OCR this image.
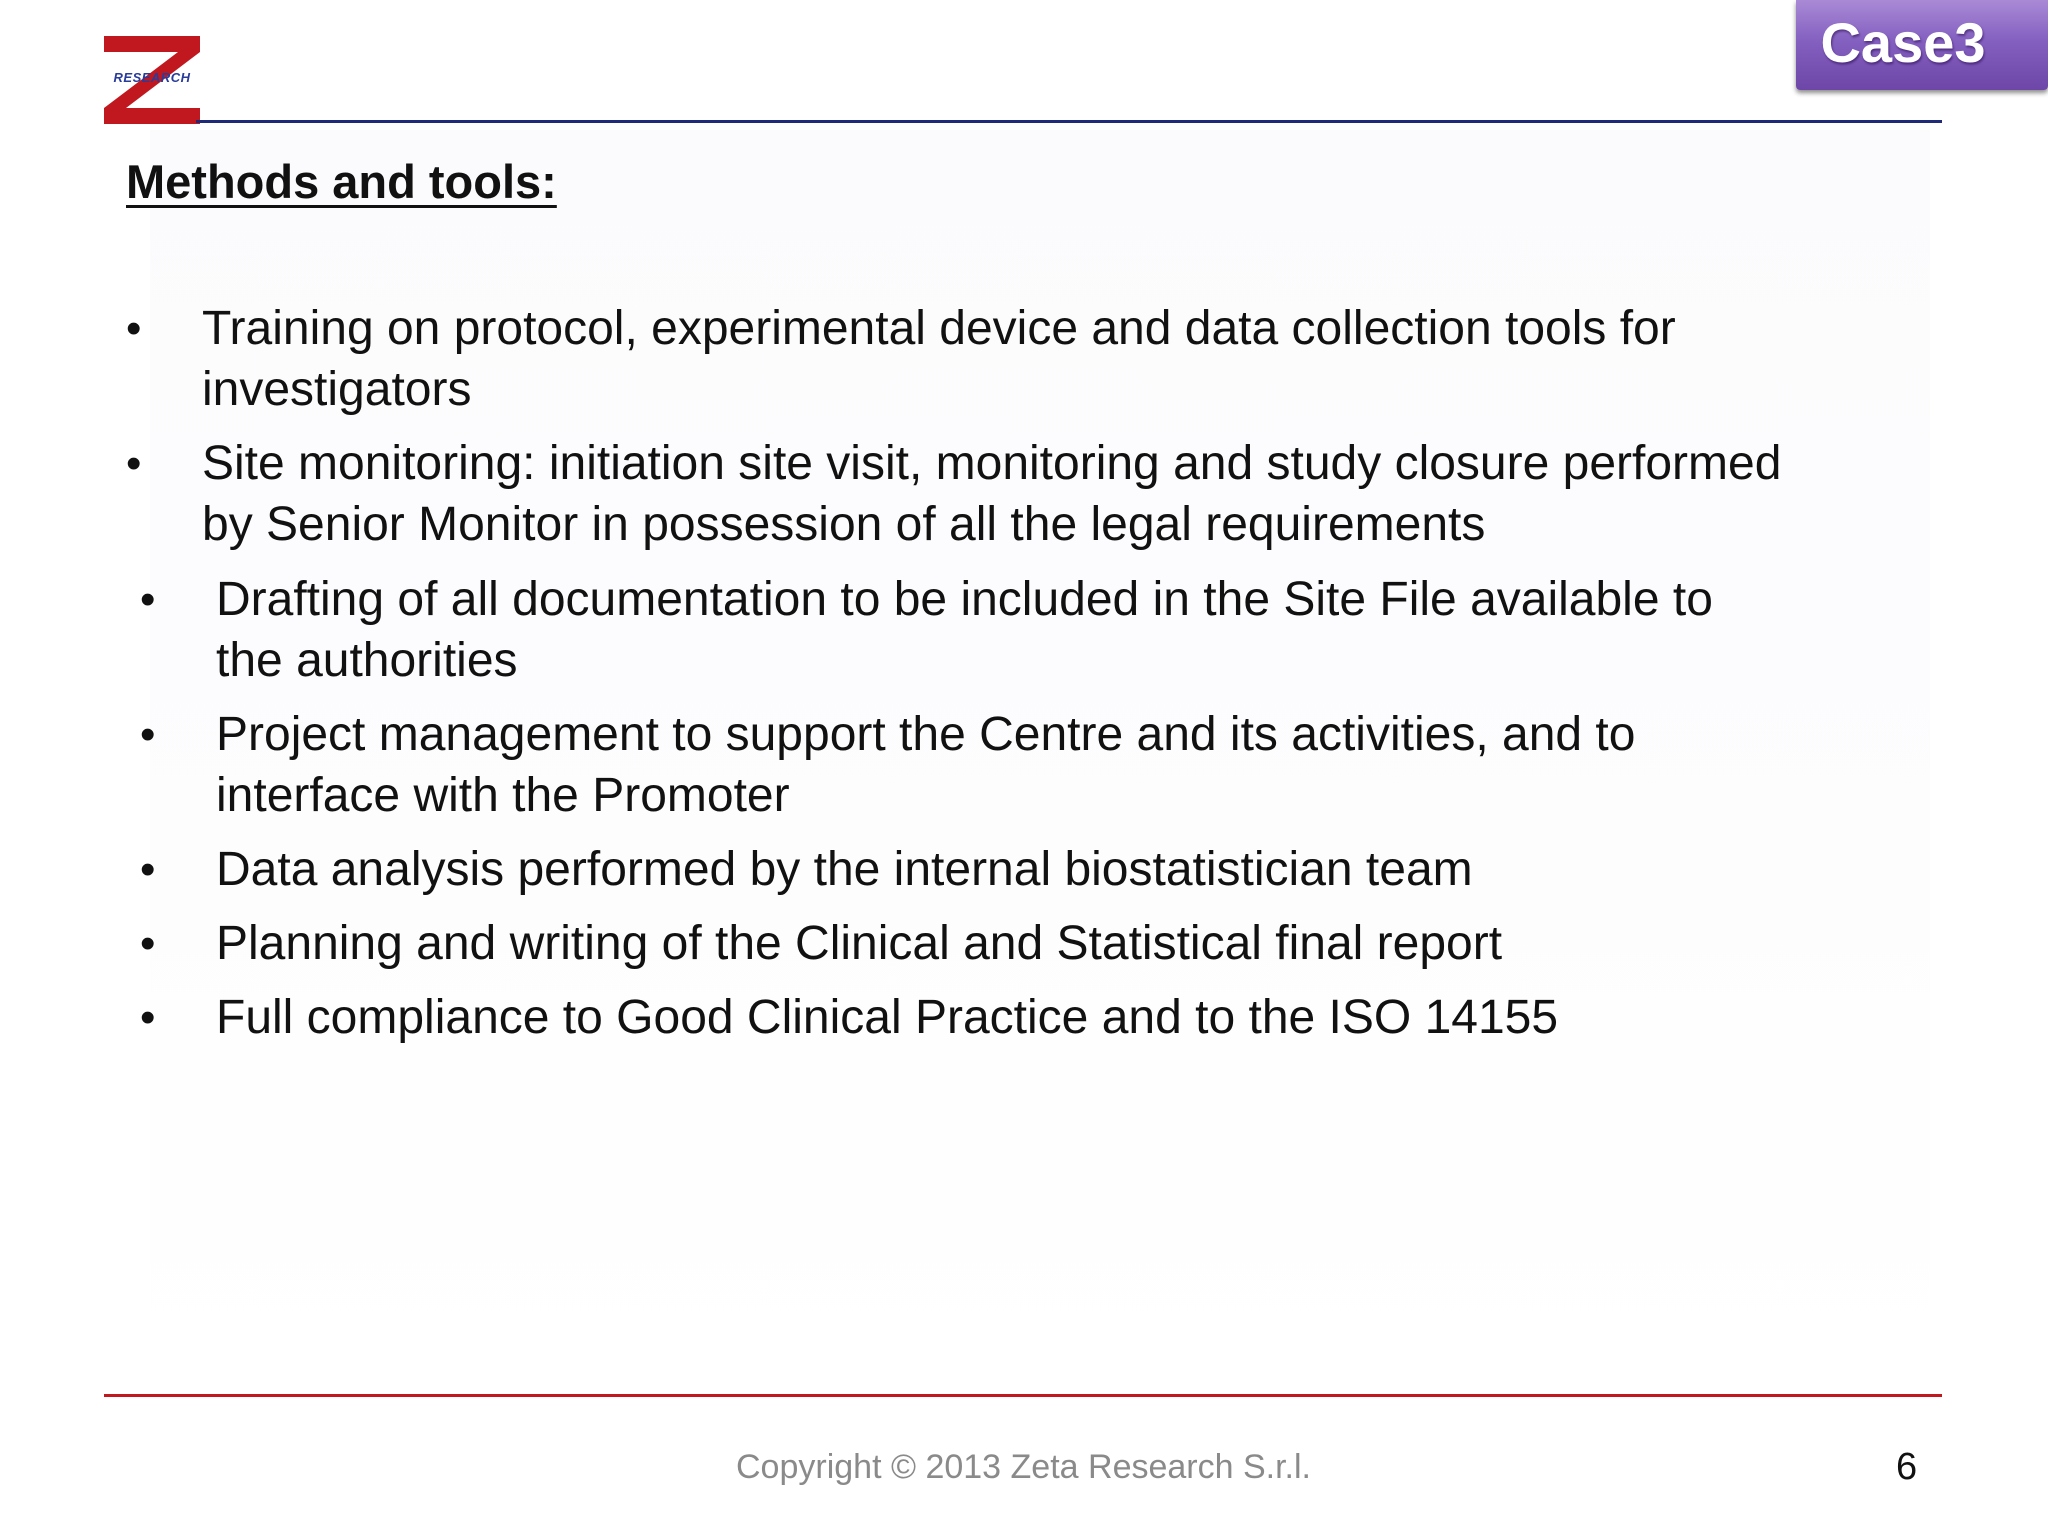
RESEARCH
Case3
Methods and tools:
• Training on protocol, experimental device and data collection tools for
investigators
• Site monitoring: initiation site visit, monitoring and study closure performed
by Senior Monitor in possession of all the legal requirements
• Drafting of all documentation to be included in the Site File available to
the authorities
• Project management to support the Centre and its activities, and to
interface with the Promoter
• Data analysis performed by the internal biostatistician team
• Planning and writing of the Clinical and Statistical final report
• Full compliance to Good Clinical Practice and to the ISO 14155
Copyright © 2013 Zeta Research S.r.l.	6
